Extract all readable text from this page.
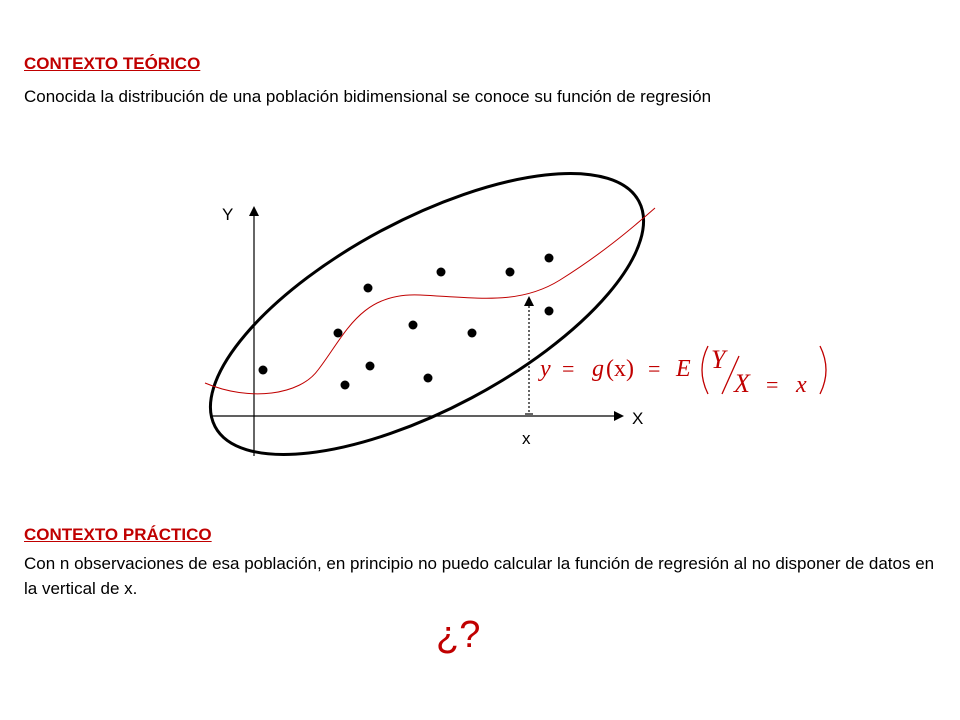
CONTEXTO TEÓRICO
Conocida la distribución de una población bidimensional se conoce su función de regresión
Y
X
x
y = g (x) = E Y
X = x
CONTEXTO PRÁCTICO
Con n observaciones de esa población, en principio no puedo calcular la función de regresión al no disponer de datos en la vertical de x.
¿?
